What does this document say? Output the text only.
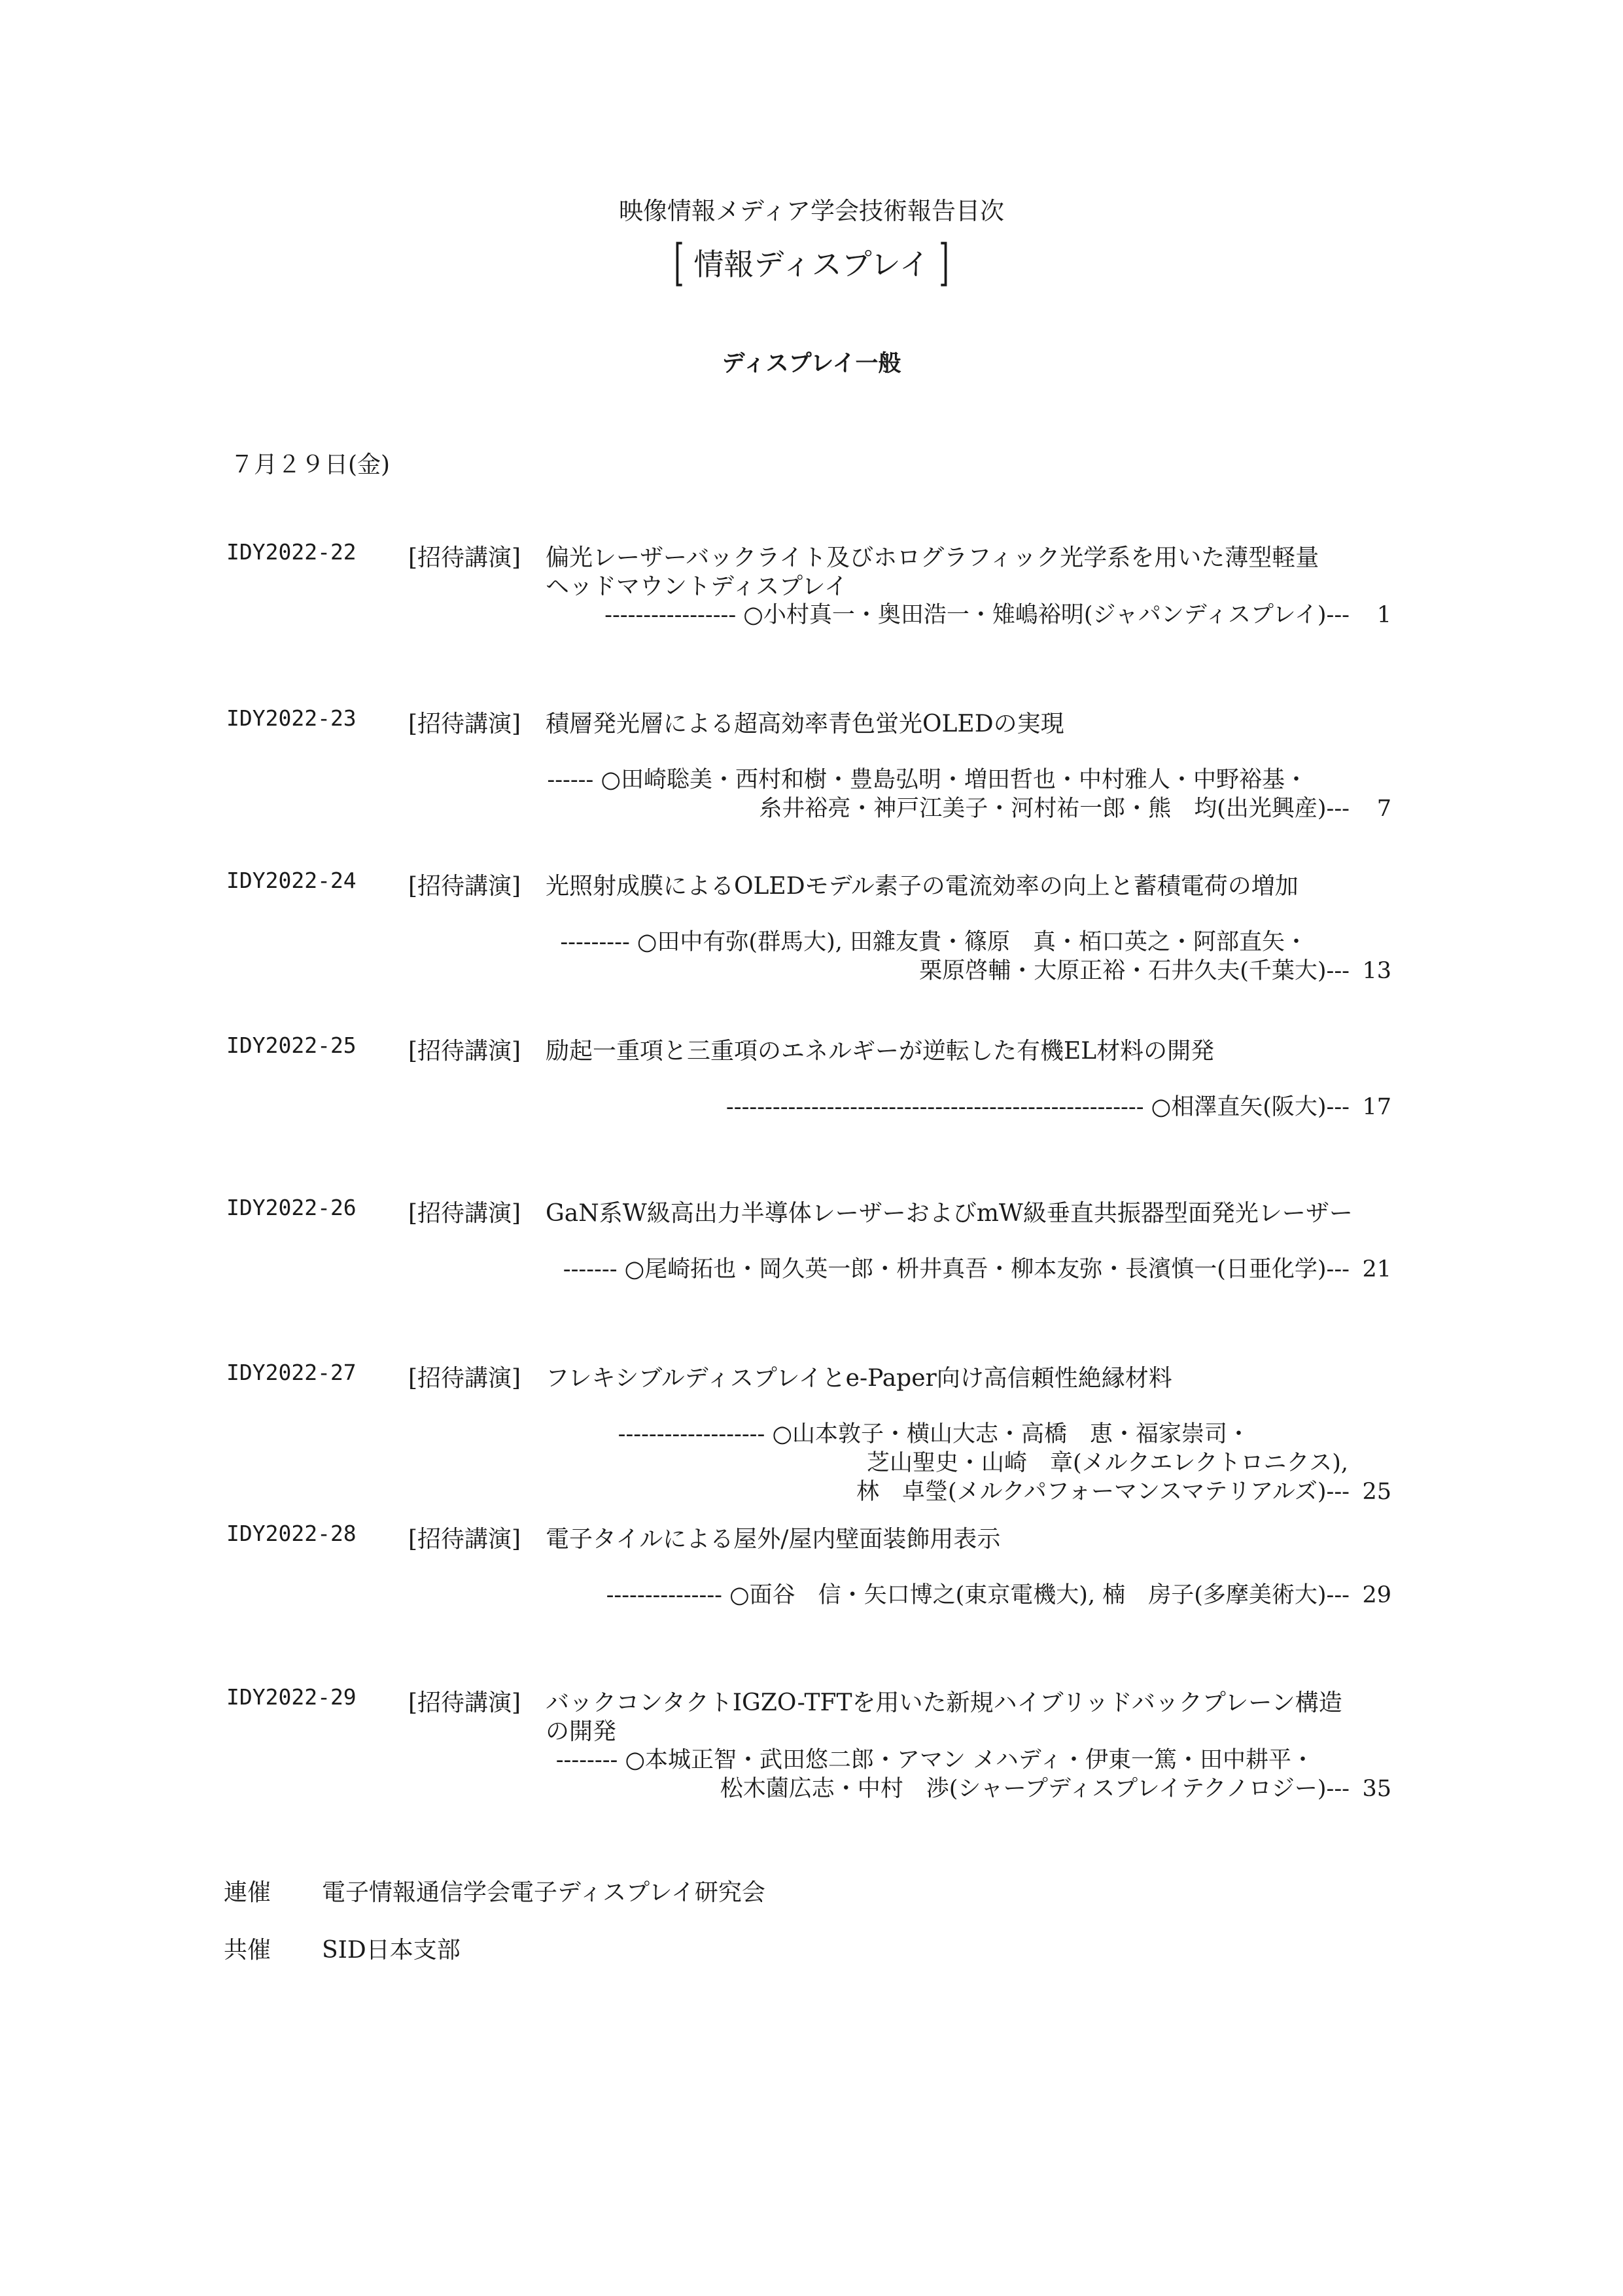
映像情報メディア学会技術報告目次
[ 情報ディスプレイ ]
ディスプレイ一般
７月２９日(金)
IDY2022-22 [招待講演] 偏光レーザーバックライト及びホログラフィック光学系を用いた薄型軽量
ヘッドマウントディスプレイ
----------------- ○小村真一・奥田浩一・雉嶋裕明(ジャパンディスプレイ)--- 1
IDY2022-23 [招待講演] 積層発光層による超高効率青色蛍光OLEDの実現
------ ○田崎聡美・西村和樹・豊島弘明・増田哲也・中村雅人・中野裕基・
糸井裕亮・神戸江美子・河村祐一郎・熊　均(出光興産)--- 7
IDY2022-24 [招待講演] 光照射成膜によるOLEDモデル素子の電流効率の向上と蓄積電荷の増加
--------- ○田中有弥(群馬大), 田雜友貴・篠原　真・栢口英之・阿部直矢・
栗原啓輔・大原正裕・石井久夫(千葉大)--- 13
IDY2022-25 [招待講演] 励起一重項と三重項のエネルギーが逆転した有機EL材料の開発
------------------------------------------------------ ○相澤直矢(阪大)--- 17
IDY2022-26 [招待講演] GaN系W級高出力半導体レーザーおよびmW級垂直共振器型面発光レーザー
------- ○尾崎拓也・岡久英一郎・枡井真吾・柳本友弥・長濱慎一(日亜化学)--- 21
IDY2022-27 [招待講演] フレキシブルディスプレイとe-Paper向け高信頼性絶縁材料
------------------- ○山本敦子・横山大志・高橋　恵・福家崇司・
芝山聖史・山崎　章(メルクエレクトロニクス),
林　卓瑩(メルクパフォーマンスマテリアルズ)--- 25
IDY2022-28 [招待講演] 電子タイルによる屋外/屋内壁面装飾用表示
--------------- ○面谷　信・矢口博之(東京電機大), 楠　房子(多摩美術大)--- 29
IDY2022-29 [招待講演] バックコンタクトIGZO-TFTを用いた新規ハイブリッドバックプレーン構造
の開発
-------- ○本城正智・武田悠二郎・アマン メハディ・伊東一篤・田中耕平・
松木薗広志・中村　渉(シャープディスプレイテクノロジー)--- 35
連催 電子情報通信学会電子ディスプレイ研究会
共催 SID日本支部
